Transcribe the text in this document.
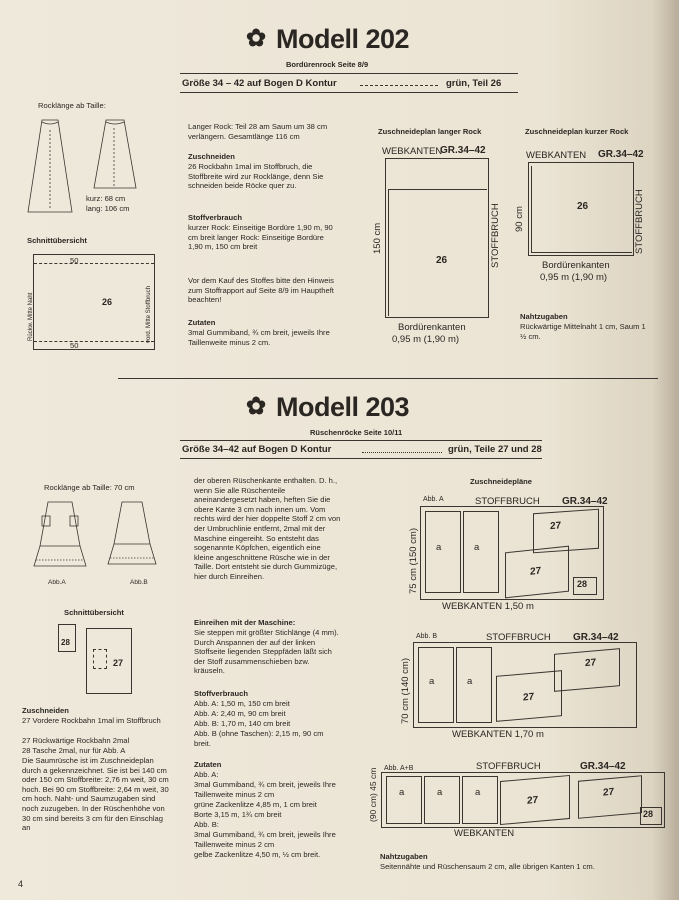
✿ Modell 202
Bordürenrock Seite 8/9
Größe 34 – 42 auf Bogen D Kontur	grün, Teil 26
Rocklänge ab Taille:
kurz: 68 cm
lang: 106 cm
Schnittübersicht
50
50
26
Rückw. Mitte Naht	vord. Mitte Stoffbruch
Langer Rock: Teil 28 am Saum um 38 cm verlängern. Gesamtlänge 116 cm
Zuschneiden
26 Rockbahn 1mal im Stoffbruch, die Stoffbreite wird zur Rocklänge, denn Sie schneiden beide Röcke quer zu.
Stoffverbrauch
kurzer Rock: Einseitige Bordüre 1,90 m, 90 cm breit langer Rock: Einseitige Bordüre 1,90 m, 150 cm breit
Vor dem Kauf des Stoffes bitte den Hinweis zum Stoffrapport auf Seite 8/9 im Hauptheft beachten!
Zutaten
3mal Gummiband, ¾ cm breit, jeweils Ihre Taillenweite minus 2 cm.
Zuschneideplan langer Rock	Zuschneideplan kurzer Rock
WEBKANTEN
GR.34–42
26	STOFFBRUCH
150 cm
Bordürenkanten
0,95 m (1,90 m)
WEBKANTEN GR.34–42
26	STOFFBRUCH
90 cm
Bordürenkanten
0,95 m (1,90 m)
Nahtzugaben
Rückwärtige Mittelnaht 1 cm, Saum 1 ½ cm.
✿ Modell 203
Rüschenröcke Seite 10/11
Größe 34–42 auf Bogen D Kontur	grün, Teile 27 und 28
Rocklänge ab Taille: 70 cm
Abb.A	Abb.B
Schnittübersicht
28
27
Zuschneiden
27 Vordere Rockbahn 1mal im Stoffbruch
27 Rückwärtige Rockbahn 2mal
28 Tasche 2mal, nur für Abb. A
Die Saumrüsche ist im Zuschneideplan durch a gekennzeichnet. Sie ist bei 140 cm oder 150 cm Stoffbreite: 2,76 m weit, 30 cm hoch. Bei 90 cm Stoffbreite: 2,64 m weit, 30 cm hoch. Naht- und Saumzugaben sind noch zuzugeben. In der Rüschenhöhe von 30 cm sind bereits 3 cm für den Einschlag an
der oberen Rüschenkante enthalten. D. h., wenn Sie alle Rüschenteile aneinandergesetzt haben, heften Sie die obere Kante 3 cm nach innen um. Vom rechts wird der hier doppelte Stoff 2 cm von der Umbruchlinie entfernt, 2mal mit der Maschine eingereiht. So entsteht das sogenannte Köpfchen, eigentlich eine kleine angeschnittene Rüsche wie in der Taille. Dort entsteht sie durch Gummizüge, hier durch Einreihen.
Einreihen mit der Maschine:
Sie steppen mit größter Stichlänge (4 mm). Durch Anspannen der auf der linken Stoffseite liegenden Steppfäden läßt sich der Stoff zusammenschieben bzw. kräuseln.
Stoffverbrauch
Abb. A: 1,50 m, 150 cm breit
Abb. A: 2,40 m, 90 cm breit
Abb. B: 1,70 m, 140 cm breit
Abb. B (ohne Taschen): 2,15 m, 90 cm breit.
Zutaten
Abb. A:
3mal Gummiband, ¾ cm breit, jeweils Ihre Taillenweite minus 2 cm
grüne Zackenlitze 4,85 m, 1 cm breit
Borte 3,15 m, 1¾ cm breit
Abb. B:
3mal Gummiband, ¾ cm breit, jeweils Ihre Taillenweite minus 2 cm
gelbe Zackenlitze 4,50 m, ½ cm breit.
Zuschneidepläne
Abb. A	STOFFBRUCH GR.34–42
a	a
27
27
28
75 cm (150 cm)
WEBKANTEN 1,50 m
Abb. B	STOFFBRUCH GR.34–42
a	a
27
27
70 cm (140 cm)
WEBKANTEN 1,70 m
Abb. A+B	STOFFBRUCH	GR.34–42
a	a	a
27
27
28
(90 cm) 45 cm
WEBKANTEN
Nahtzugaben
Seitennähte und Rüschensaum 2 cm, alle übrigen Kanten 1 cm.
4
